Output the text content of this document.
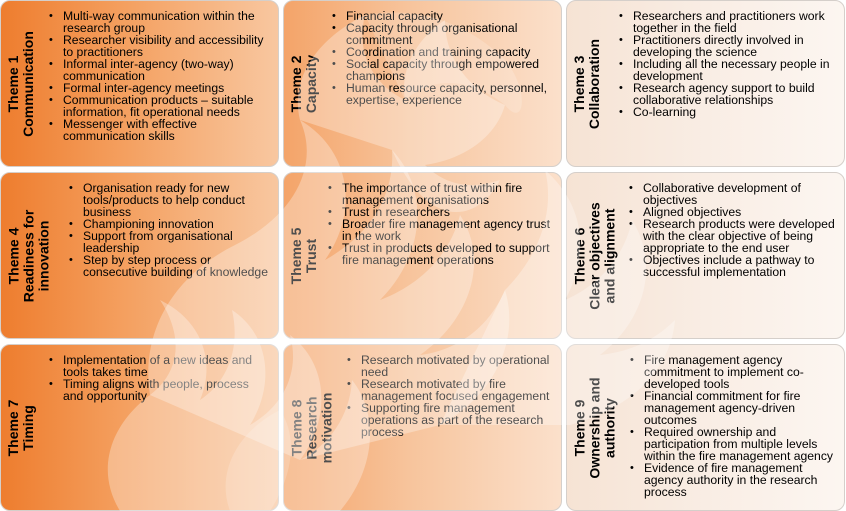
Theme 1 Communication
• Multi-way communication within the research group
• Researcher visibility and accessibility to practitioners
• Informal inter-agency (two-way) communication
• Formal inter-agency meetings
• Communication products – suitable information, fit operational needs
• Messenger with effective communication skills
Theme 2 Capacity
• Financial capacity
• Capacity through organisational commitment
• Coordination and training capacity
• Social capacity through empowered champions
• Human resource capacity, personnel, expertise, experience	Theme 3 Collaboration
• Researchers and practitioners work together in the field
• Practitioners directly involved in developing the science
• Including all the necessary people in development
• Research agency support to build collaborative relationships
• Co-learning
Theme 4 Readiness for innovation
• Organisation ready for new tools/products to help conduct business
• Championing innovation
• Support from organisational leadership
• Step by step process or consecutive building of knowledge Theme 5 Trust
• The importance of trust within fire management organisations
• Trust in researchers
• Broader fire management agency trust in the work
• Trust in products developed to support fire management operations	Theme 6 Clear objectives and alignment
• Collaborative development of objectives
• Aligned objectives
• Research products were developed with the clear objective of being appropriate to the end user
• Objectives include a pathway to successful implementation
Theme 7 Timing
• Implementation of a new ideas and tools takes time
• Timing aligns with people, process and opportunity
Theme 8 Research motivation
• Research motivated by operational need
• Research motivated by fire management focused engagement
• Supporting fire management operations as part of the research process	Theme 9 Ownership and authority
• Fire management agency commitment to implement co-developed tools
• Financial commitment for fire management agency-driven outcomes
• Required ownership and participation from multiple levels within the fire management agency
• Evidence of fire management agency authority in the research process
